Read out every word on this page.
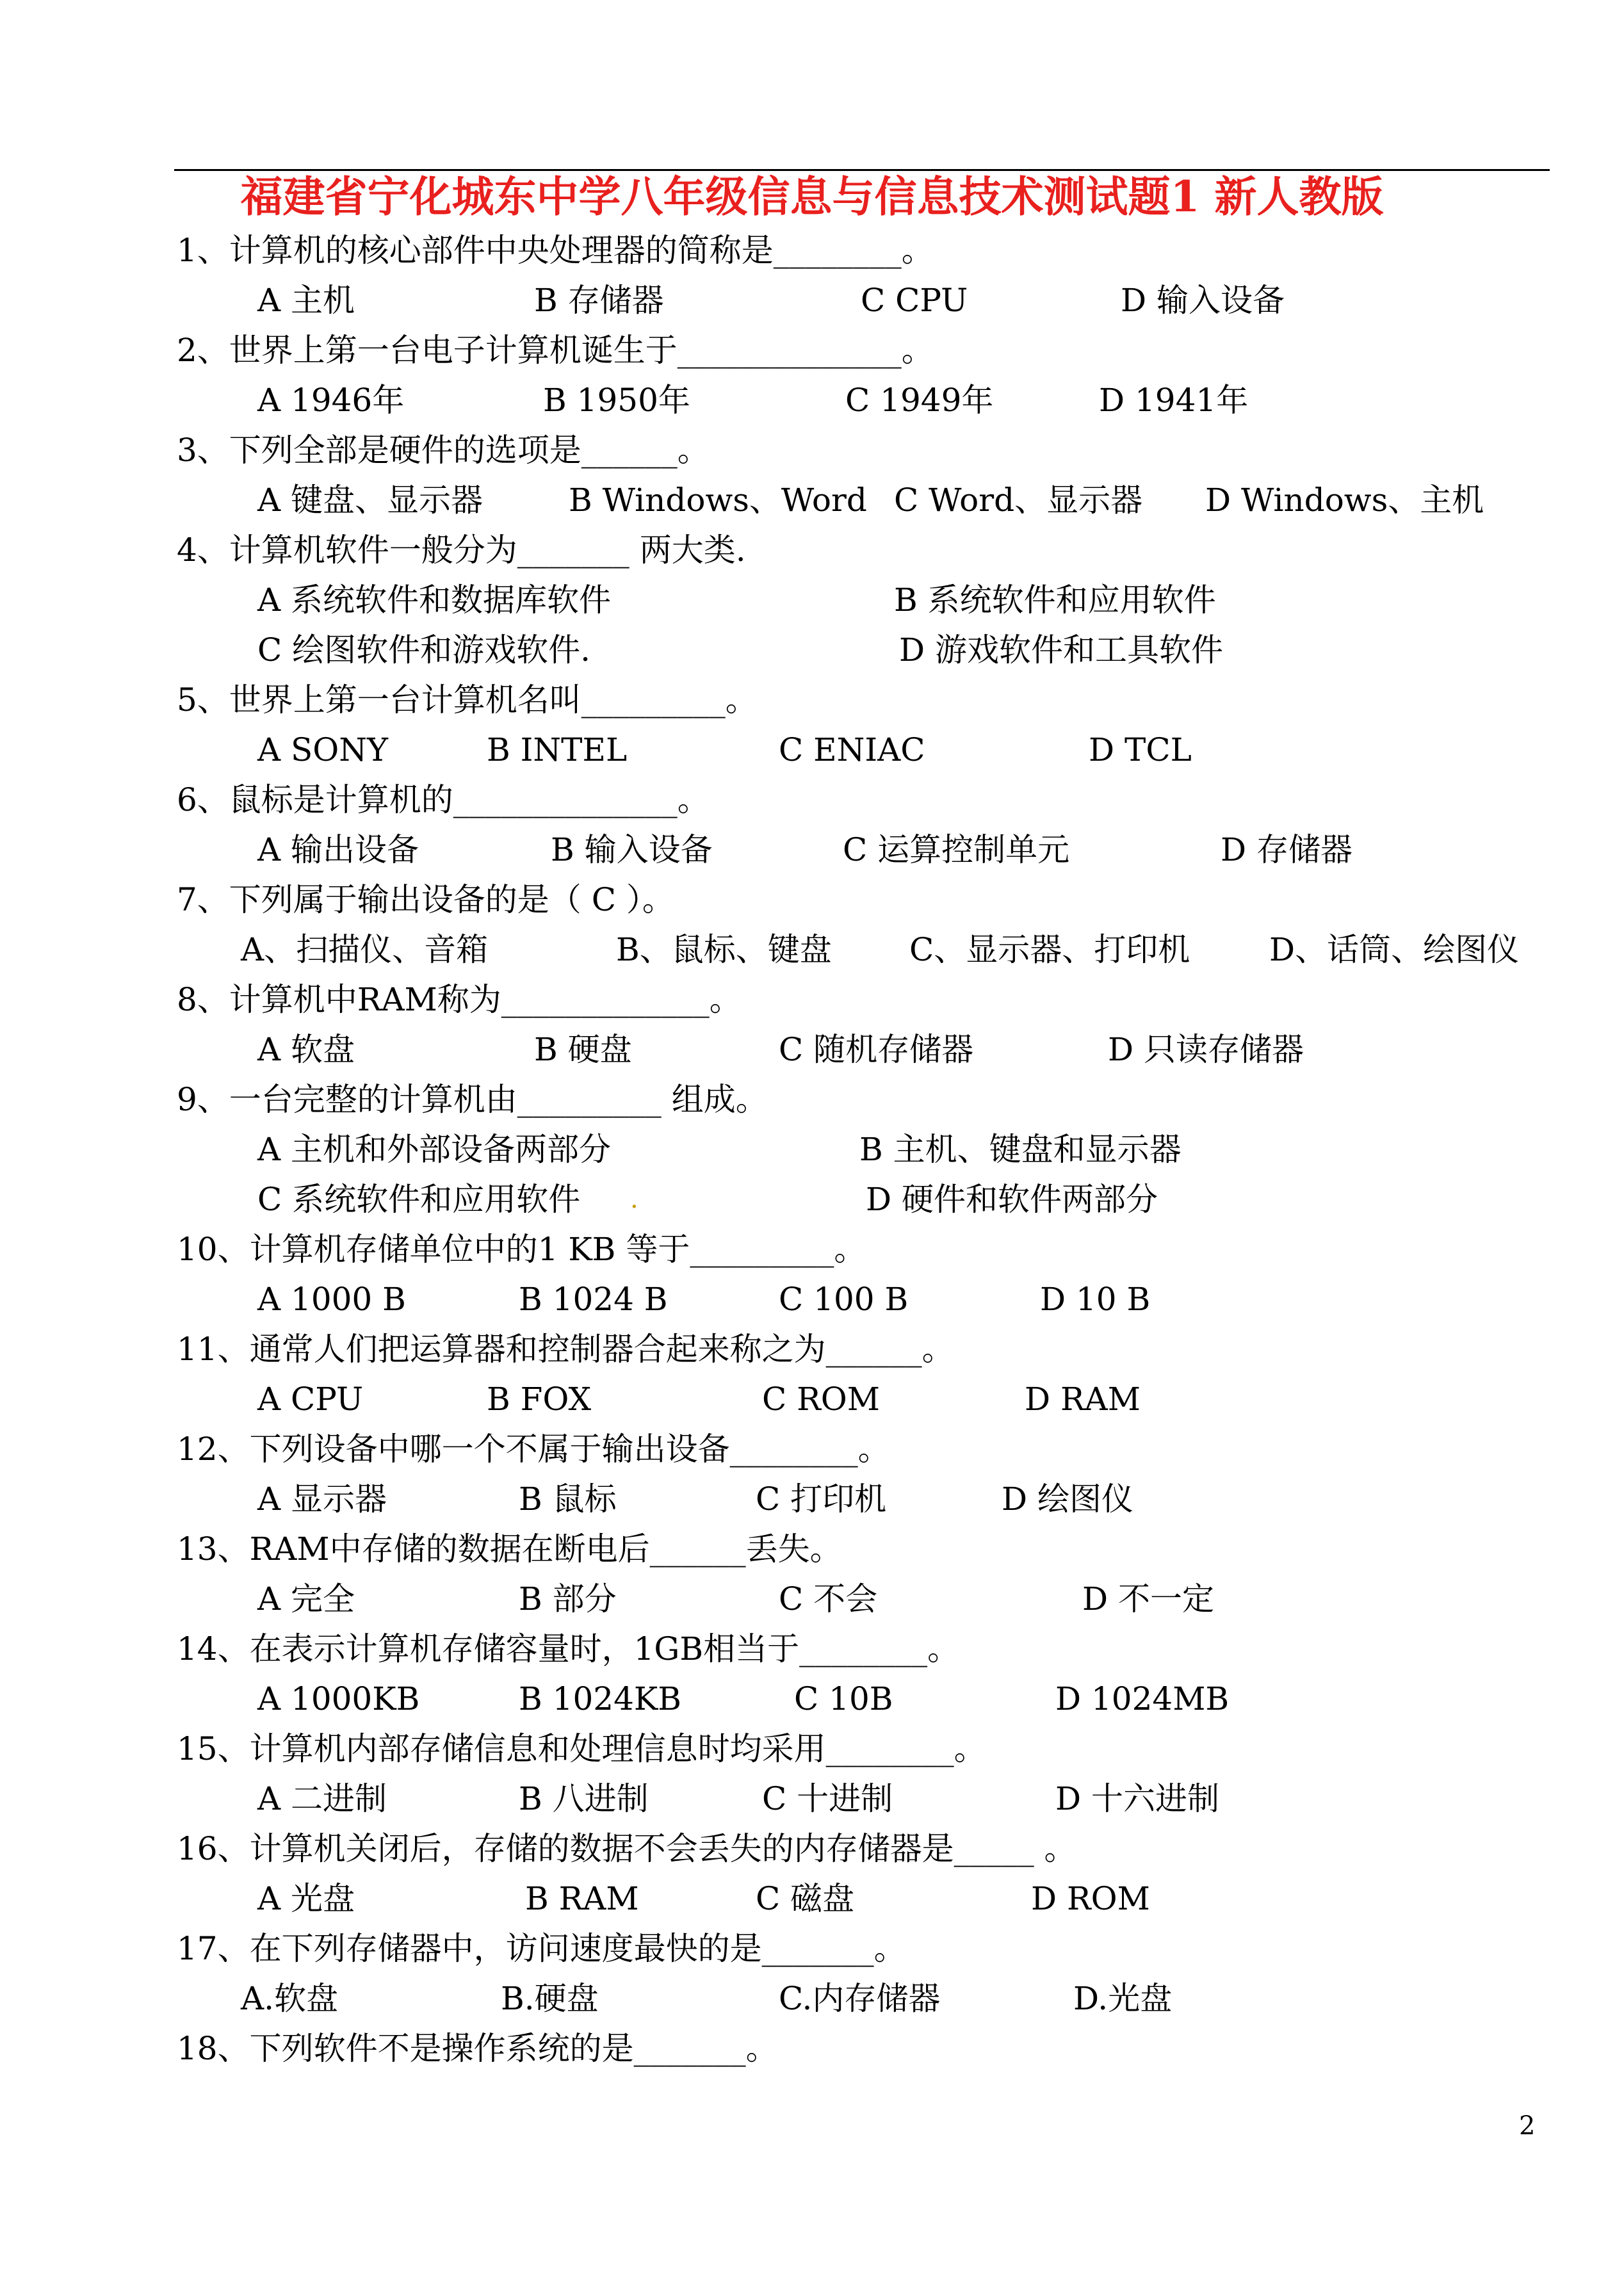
福建省宁化城东中学八年级信息与信息技术测试题1 新人教版
1、计算机的核心部件中央处理器的简称是________。
A 主机	B 存储器	C CPU	D 输入设备
2、世界上第一台电子计算机诞生于______________。
A 1946年	B 1950年	C 1949年	D 1941年
3、下列全部是硬件的选项是______。
A 键盘、显示器	B Windows、Word C Word、显示器 D Windows、主机
4、计算机软件一般分为_______ 两大类.
A 系统软件和数据库软件	B 系统软件和应用软件
C 绘图软件和游戏软件.	D 游戏软件和工具软件
5、世界上第一台计算机名叫_________。
A SONY	B INTEL	C ENIAC	D TCL
6、鼠标是计算机的______________。
A 输出设备	B 输入设备	C 运算控制单元	D 存储器
7、下列属于输出设备的是（ C ）。
A、扫描仪、音箱	B、鼠标、键盘 C、显示器、打印机 D、话筒、绘图仪
8、计算机中RAM称为_____________。
A 软盘	B 硬盘	C 随机存储器	D 只读存储器
9、一台完整的计算机由_________ 组成。
A 主机和外部设备两部分	B 主机、键盘和显示器
C 系统软件和应用软件 .	D 硬件和软件两部分
10、计算机存储单位中的1 KB 等于_________。
A 1000 B	B 1024 B	C 100 B	D 10 B
11、通常人们把运算器和控制器合起来称之为______。
A CPU	B FOX	C ROM	D RAM
12、下列设备中哪一个不属于输出设备________。
A 显示器	B 鼠标	C 打印机	D 绘图仪
13、RAM中存储的数据在断电后______丢失。
A 完全	B 部分	C 不会	D 不一定
14、在表示计算机存储容量时，1GB相当于________。
A 1000KB	B 1024KB	C 10B	D 1024MB
15、计算机内部存储信息和处理信息时均采用________。
A 二进制	B 八进制	C 十进制	D 十六进制
16、计算机关闭后，存储的数据不会丢失的内存储器是_____ 。
A 光盘	B RAM	C 磁盘	D ROM
17、在下列存储器中，访问速度最快的是_______。
A.软盘	B.硬盘	C.内存储器	D.光盘
18、下列软件不是操作系统的是_______。
2
